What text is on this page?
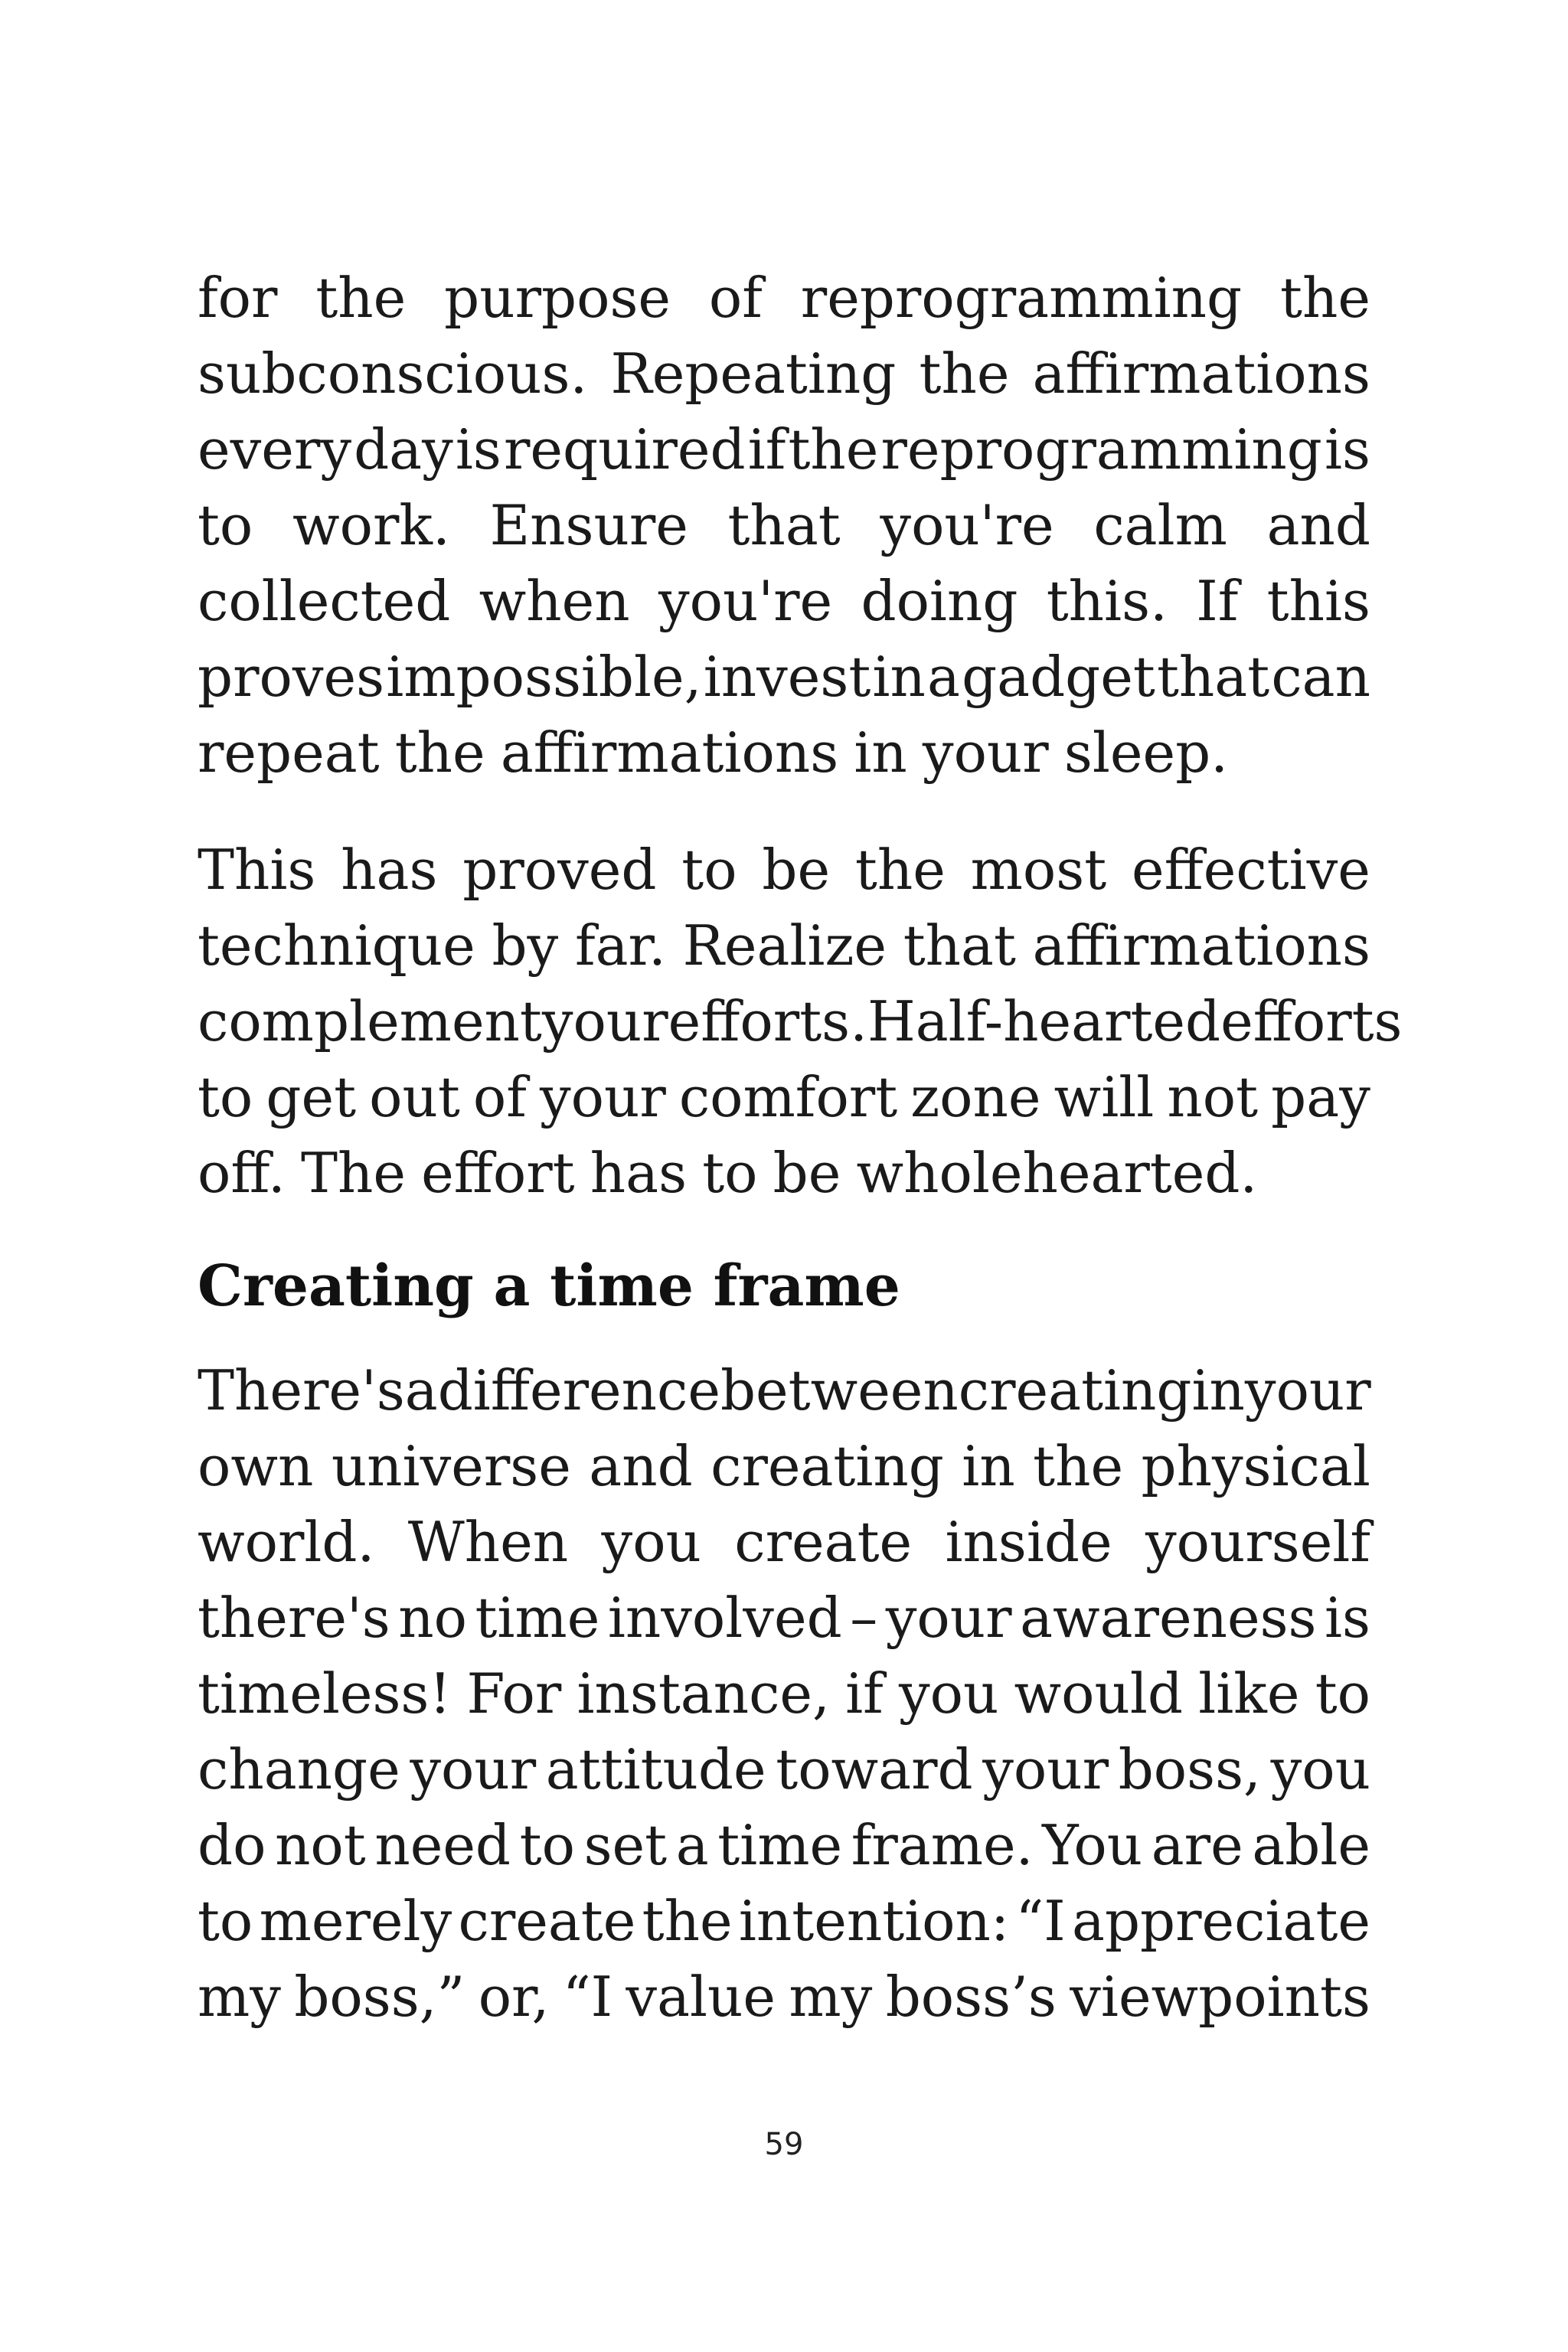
for the purpose of reprogramming the
subconscious. Repeating the affirmations
every day is required if the reprogramming is
to work. Ensure that you're calm and
collected when you're doing this. If this
proves impossible, invest in a gadget that can
repeat the affirmations in your sleep.
This has proved to be the most effective
technique by far. Realize that affirmations
complement your efforts. Half-hearted efforts
to get out of your comfort zone will not pay
off. The effort has to be wholehearted.
Creating a time frame
There's a difference between creating in your
own universe and creating in the physical
world. When you create inside yourself
there's no time involved – your awareness is
timeless! For instance, if you would like to
change your attitude toward your boss, you
do not need to set a time frame. You are able
to merely create the intention: “I appreciate
my boss,” or, “I value my boss’s viewpoints
59
